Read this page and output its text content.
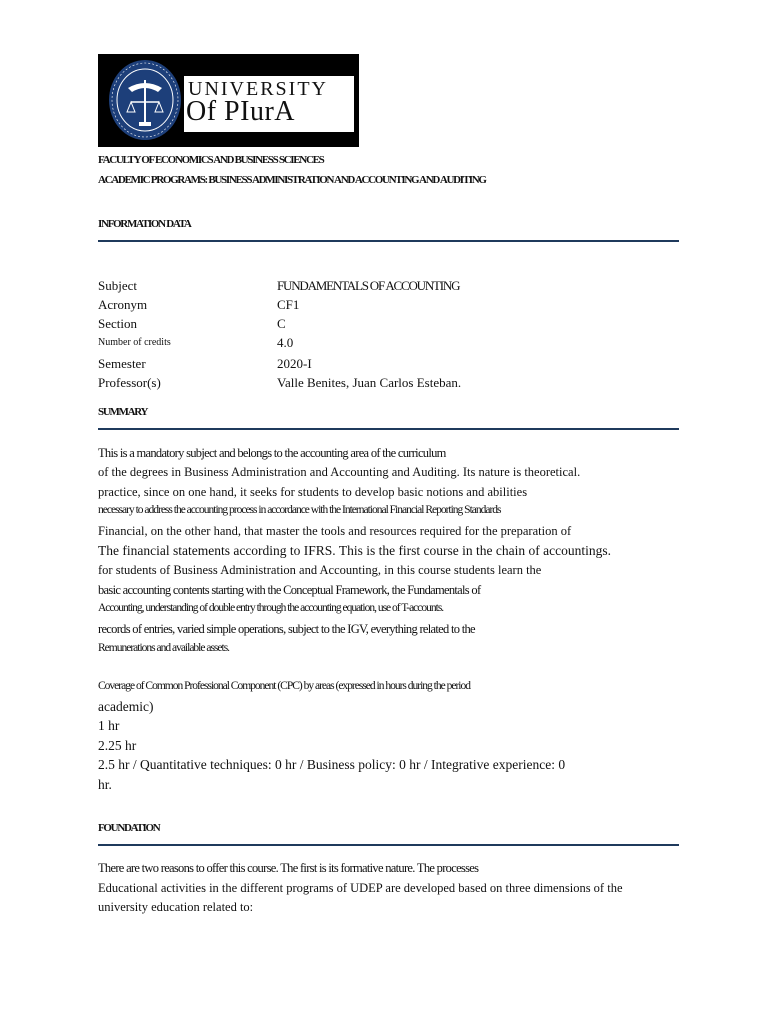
UNIVERSITY
Of PIurA
FACULTY OF ECONOMICS AND BUSINESS SCIENCES
ACADEMIC PROGRAMS: BUSINESS ADMINISTRATION AND ACCOUNTING AND AUDITING
INFORMATION DATA
Subject	FUNDAMENTALS OF ACCOUNTING
Acronym	CF1
Section	C
Number of credits	4.0
Semester	2020-I
Professor(s)	Valle Benites, Juan Carlos Esteban.
SUMMARY
This is a mandatory subject and belongs to the accounting area of the curriculum
of the degrees in Business Administration and Accounting and Auditing. Its nature is theoretical.
practice, since on one hand, it seeks for students to develop basic notions and abilities
necessary to address the accounting process in accordance with the International Financial Reporting Standards
Financial, on the other hand, that master the tools and resources required for the preparation of
The financial statements according to IFRS. This is the first course in the chain of accountings.
for students of Business Administration and Accounting, in this course students learn the
basic accounting contents starting with the Conceptual Framework, the Fundamentals of
Accounting, understanding of double entry through the accounting equation, use of T-accounts.
records of entries, varied simple operations, subject to the IGV, everything related to the
Remunerations and available assets.
Coverage of Common Professional Component (CPC) by areas (expressed in hours during the period
academic)
1 hr
2.25 hr
2.5 hr / Quantitative techniques: 0 hr / Business policy: 0 hr / Integrative experience: 0
hr.
FOUNDATION
There are two reasons to offer this course. The first is its formative nature. The processes
Educational activities in the different programs of UDEP are developed based on three dimensions of the
university education related to:
